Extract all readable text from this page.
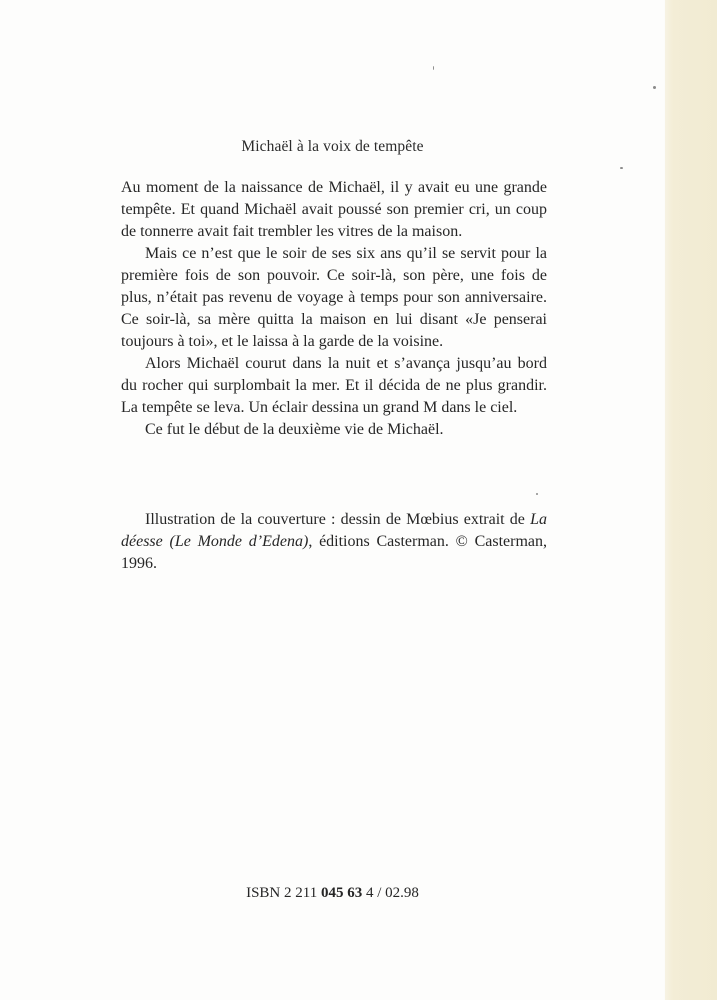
Michaël à la voix de tempête

Au moment de la naissance de Michaël, il y avait eu une grande tempête. Et quand Michaël avait poussé son premier cri, un coup de tonnerre avait fait trembler les vitres de la maison.

Mais ce n’est que le soir de ses six ans qu’il se servit pour la première fois de son pouvoir. Ce soir-là, son père, une fois de plus, n’était pas revenu de voyage à temps pour son anniversaire. Ce soir-là, sa mère quitta la maison en lui disant «Je penserai toujours à toi», et le laissa à la garde de la voisine.

Alors Michaël courut dans la nuit et s’avança jusqu’au bord du rocher qui surplombait la mer. Et il décida de ne plus grandir. La tempête se leva. Un éclair dessina un grand M dans le ciel.

Ce fut le début de la deuxième vie de Michaël.

Illustration de la couverture : dessin de Mœbius extrait de La déesse (Le Monde d’Edena), éditions Casterman. © Casterman, 1996.
ISBN 2 211 045 63 4 / 02.98
